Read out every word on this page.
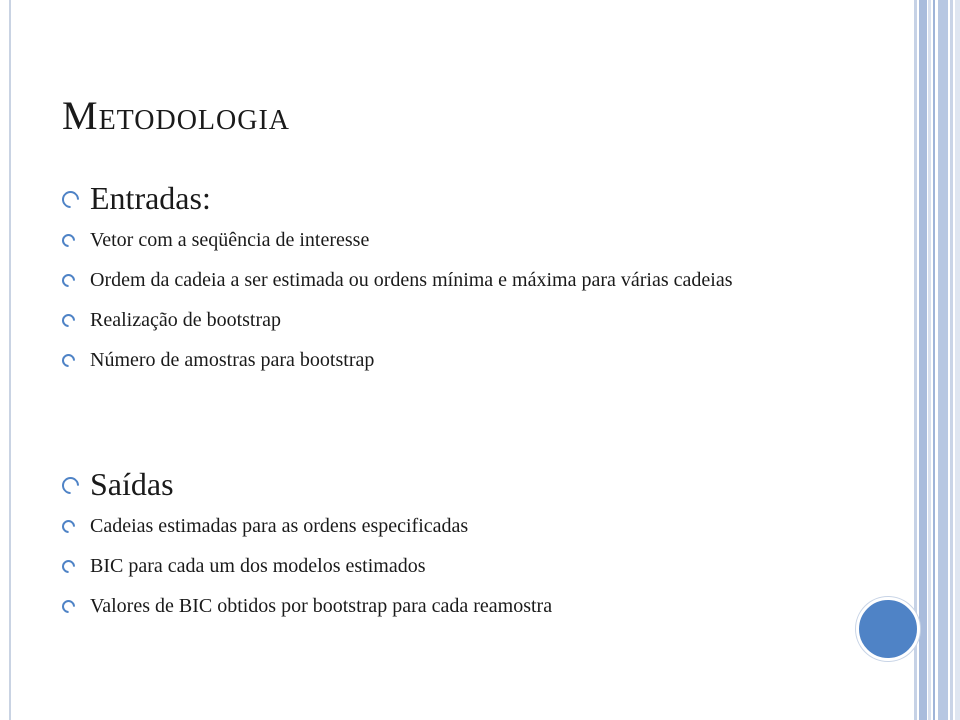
Metodologia
Entradas:
Vetor com a seqüência de interesse
Ordem da cadeia a ser estimada ou ordens mínima e máxima para várias cadeias
Realização de bootstrap
Número de amostras para bootstrap
Saídas
Cadeias estimadas para as ordens especificadas
BIC para cada um dos modelos estimados
Valores de BIC obtidos por bootstrap para cada reamostra
